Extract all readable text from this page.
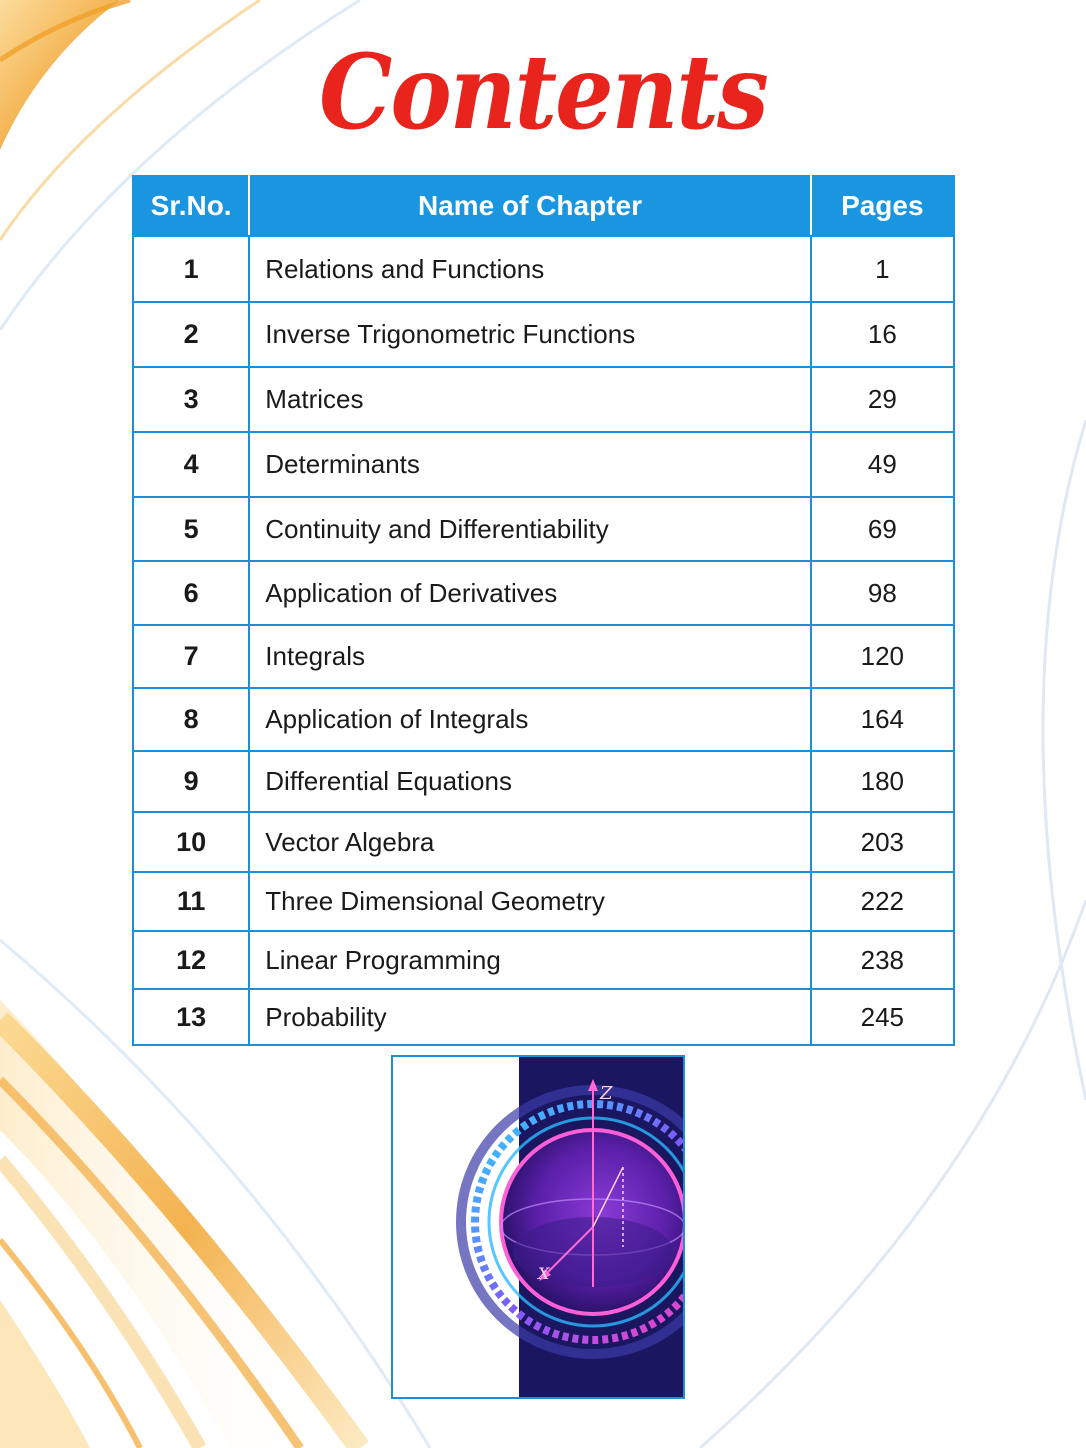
Contents
Sr.No.	Name of Chapter	Pages
1	Relations and Functions	1
2	Inverse Trigonometric Functions	16
3	Matrices	29
4	Determinants	49
5	Continuity and Differentiability	69
6	Application of Derivatives	98
7	Integrals	120
8	Application of Integrals	164
9	Differential Equations	180
10	Vector Algebra	203
11	Three Dimensional Geometry	222
12	Linear Programming	238
13	Probability	245
Z
X
